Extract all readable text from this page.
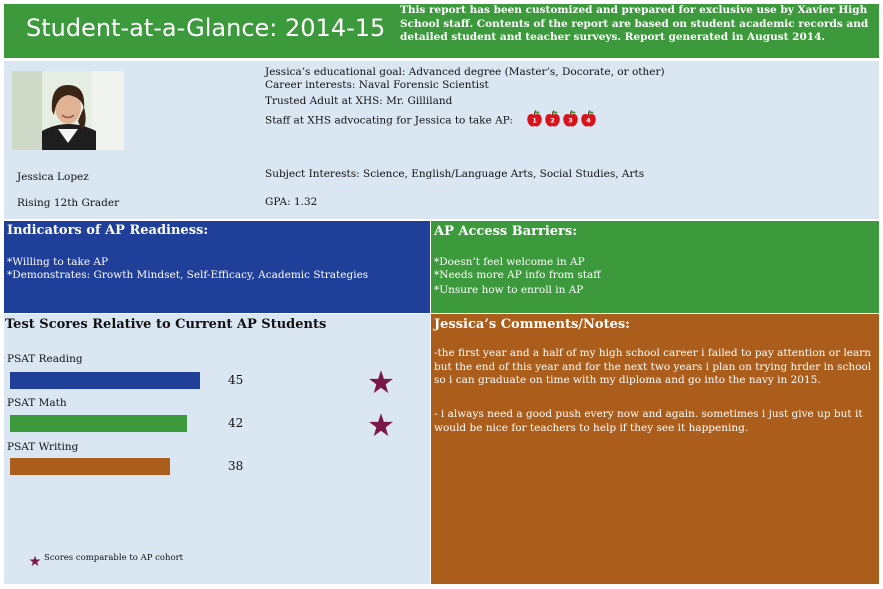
Student-at-a-Glance: 2014-15
This report has been customized and prepared for exclusive use by Xavier High School staff. Contents of the report are based on student academic records and detailed student and teacher surveys. Report generated in August 2014.
Jessica’s educational goal: Advanced degree (Master’s, Docorate, or other)
Career interests: Naval Forensic Scientist
Trusted Adult at XHS: Mr. Gilliland
Staff at XHS advocating for Jessica to take AP:	1 2 3 4
Jessica Lopez
Rising 12th Grader
Subject Interests: Science, English/Language Arts, Social Studies, Arts
GPA: 1.32
Indicators of AP Readiness:
*Willing to take AP
*Demonstrates: Growth Mindset, Self-Efficacy, Academic Strategies
AP Access Barriers:
*Doesn’t feel welcome in AP
*Needs more AP info from staff
*Unsure how to enroll in AP
Test Scores Relative to Current AP Students
PSAT Reading
45
PSAT Math
42
PSAT Writing
38
Scores comparable to AP cohort
Jessica’s Comments/Notes:
-the first year and a half of my high school career i failed to pay attention or learn but the end of this year and for the next two years i plan on trying hrder in school so i can graduate on time with my diploma and go into the navy in 2015.
- i always need a good push every now and again. sometimes i just give up but it would be nice for teachers to help if they see it happening.
